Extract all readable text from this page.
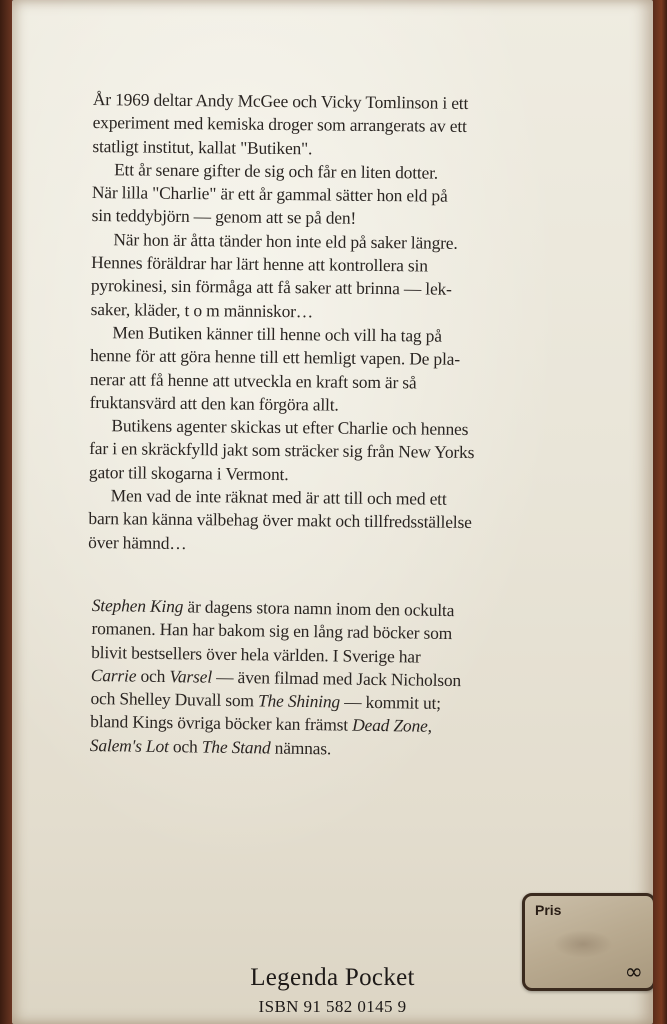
År 1969 deltar Andy McGee och Vicky Tomlinson i ett
experiment med kemiska droger som arrangerats av ett
statligt institut, kallat "Butiken".
Ett år senare gifter de sig och får en liten dotter.
När lilla "Charlie" är ett år gammal sätter hon eld på
sin teddybjörn — genom att se på den!
När hon är åtta tänder hon inte eld på saker längre.
Hennes föräldrar har lärt henne att kontrollera sin
pyrokinesi, sin förmåga att få saker att brinna — lek-
saker, kläder, t o m människor…
Men Butiken känner till henne och vill ha tag på
henne för att göra henne till ett hemligt vapen. De pla-
nerar att få henne att utveckla en kraft som är så
fruktansvärd att den kan förgöra allt.
Butikens agenter skickas ut efter Charlie och hennes
far i en skräckfylld jakt som sträcker sig från New Yorks
gator till skogarna i Vermont.
Men vad de inte räknat med är att till och med ett
barn kan känna välbehag över makt och tillfredsställelse
över hämnd…

Stephen King är dagens stora namn inom den ockulta

romanen. Han har bakom sig en lång rad böcker som

blivit bestsellers över hela världen. I Sverige har

Carrie och Varsel — även filmad med Jack Nicholson

och Shelley Duvall som The Shining — kommit ut;

bland Kings övriga böcker kan främst Dead Zone,

Salem's Lot och The Stand nämnas.

Pris
∞
Legenda Pocket
ISBN 91 582 0145 9
